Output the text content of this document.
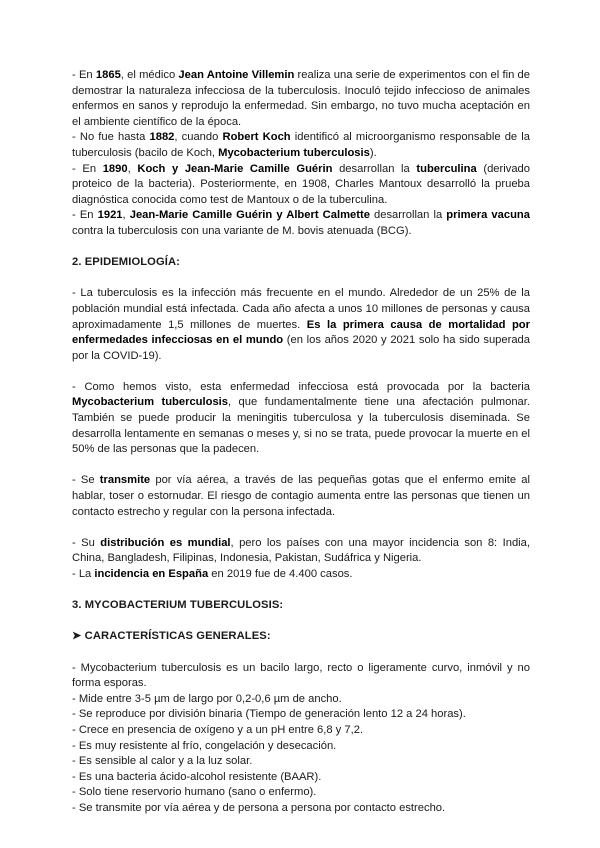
- En 1865, el médico Jean Antoine Villemin realiza una serie de experimentos con el fin de demostrar la naturaleza infecciosa de la tuberculosis. Inoculó tejido infeccioso de animales enfermos en sanos y reprodujo la enfermedad. Sin embargo, no tuvo mucha aceptación en el ambiente científico de la época.

- No fue hasta 1882, cuando Robert Koch identificó al microorganismo responsable de la tuberculosis (bacilo de Koch, Mycobacterium tuberculosis).

- En 1890, Koch y Jean-Marie Camille Guérin desarrollan la tuberculina (derivado proteico de la bacteria). Posteriormente, en 1908, Charles Mantoux desarrolló la prueba diagnóstica conocida como test de Mantoux o de la tuberculina.

- En 1921, Jean-Marie Camille Guérin y Albert Calmette desarrollan la primera vacuna contra la tuberculosis con una variante de M. bovis atenuada (BCG).

2. EPIDEMIOLOGÍA:

- La tuberculosis es la infección más frecuente en el mundo. Alrededor de un 25% de la población mundial está infectada. Cada año afecta a unos 10 millones de personas y causa aproximadamente 1,5 millones de muertes. Es la primera causa de mortalidad por enfermedades infecciosas en el mundo (en los años 2020 y 2021 solo ha sido superada por la COVID-19).

- Como hemos visto, esta enfermedad infecciosa está provocada por la bacteria Mycobacterium tuberculosis, que fundamentalmente tiene una afectación pulmonar. También se puede producir la meningitis tuberculosa y la tuberculosis diseminada. Se desarrolla lentamente en semanas o meses y, si no se trata, puede provocar la muerte en el 50% de las personas que la padecen.

- Se transmite por vía aérea, a través de las pequeñas gotas que el enfermo emite al hablar, toser o estornudar. El riesgo de contagio aumenta entre las personas que tienen un contacto estrecho y regular con la persona infectada.

- Su distribución es mundial, pero los países con una mayor incidencia son 8: India, China, Bangladesh, Filipinas, Indonesia, Pakistan, Sudáfrica y Nigeria.

- La incidencia en España en 2019 fue de 4.400 casos.

3. MYCOBACTERIUM TUBERCULOSIS:

➤ CARACTERÍSTICAS GENERALES:

- Mycobacterium tuberculosis es un bacilo largo, recto o ligeramente curvo, inmóvil y no forma esporas.

- Mide entre 3-5 µm de largo por 0,2-0,6 µm de ancho.

- Se reproduce por división binaria (Tiempo de generación lento 12 a 24 horas).

- Crece en presencia de oxígeno y a un pH entre 6,8 y 7,2.

- Es muy resistente al frío, congelación y desecación.

- Es sensible al calor y a la luz solar.

- Es una bacteria ácido-alcohol resistente (BAAR).

- Solo tiene reservorio humano (sano o enfermo).

- Se transmite por vía aérea y de persona a persona por contacto estrecho.
